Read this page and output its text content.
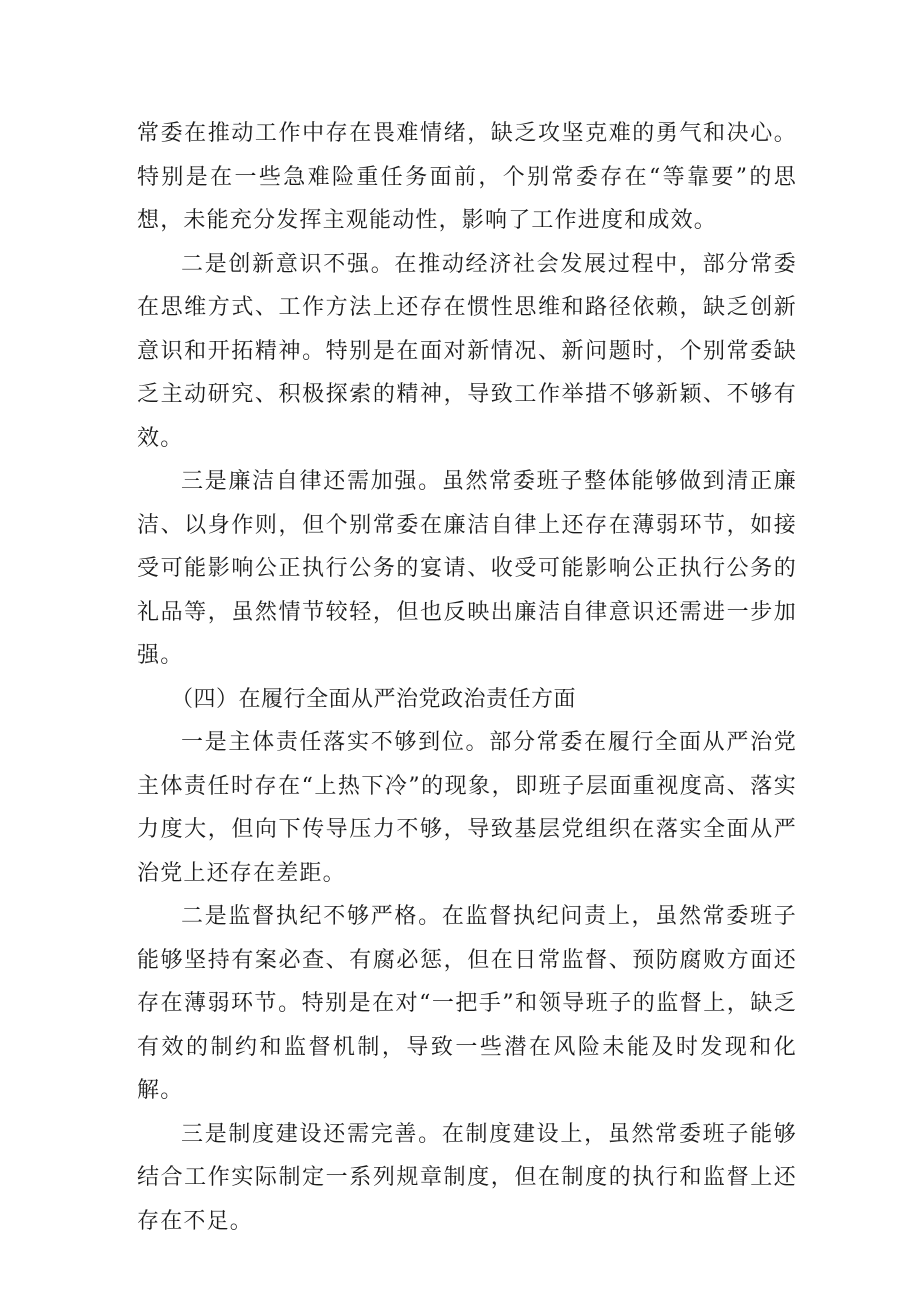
常委在推动工作中存在畏难情绪，缺乏攻坚克难的勇气和决心。特别是在一些急难险重任务面前，个别常委存在“等靠要”的思想，未能充分发挥主观能动性，影响了工作进度和成效。

二是创新意识不强。在推动经济社会发展过程中，部分常委在思维方式、工作方法上还存在惯性思维和路径依赖，缺乏创新意识和开拓精神。特别是在面对新情况、新问题时，个别常委缺乏主动研究、积极探索的精神，导致工作举措不够新颖、不够有效。

三是廉洁自律还需加强。虽然常委班子整体能够做到清正廉洁、以身作则，但个别常委在廉洁自律上还存在薄弱环节，如接受可能影响公正执行公务的宴请、收受可能影响公正执行公务的礼品等，虽然情节较轻，但也反映出廉洁自律意识还需进一步加强。

（四）在履行全面从严治党政治责任方面

一是主体责任落实不够到位。部分常委在履行全面从严治党主体责任时存在“上热下冷”的现象，即班子层面重视度高、落实力度大，但向下传导压力不够，导致基层党组织在落实全面从严治党上还存在差距。

二是监督执纪不够严格。在监督执纪问责上，虽然常委班子能够坚持有案必查、有腐必惩，但在日常监督、预防腐败方面还存在薄弱环节。特别是在对“一把手”和领导班子的监督上，缺乏有效的制约和监督机制，导致一些潜在风险未能及时发现和化解。

三是制度建设还需完善。在制度建设上，虽然常委班子能够结合工作实际制定一系列规章制度，但在制度的执行和监督上还存在不足。
